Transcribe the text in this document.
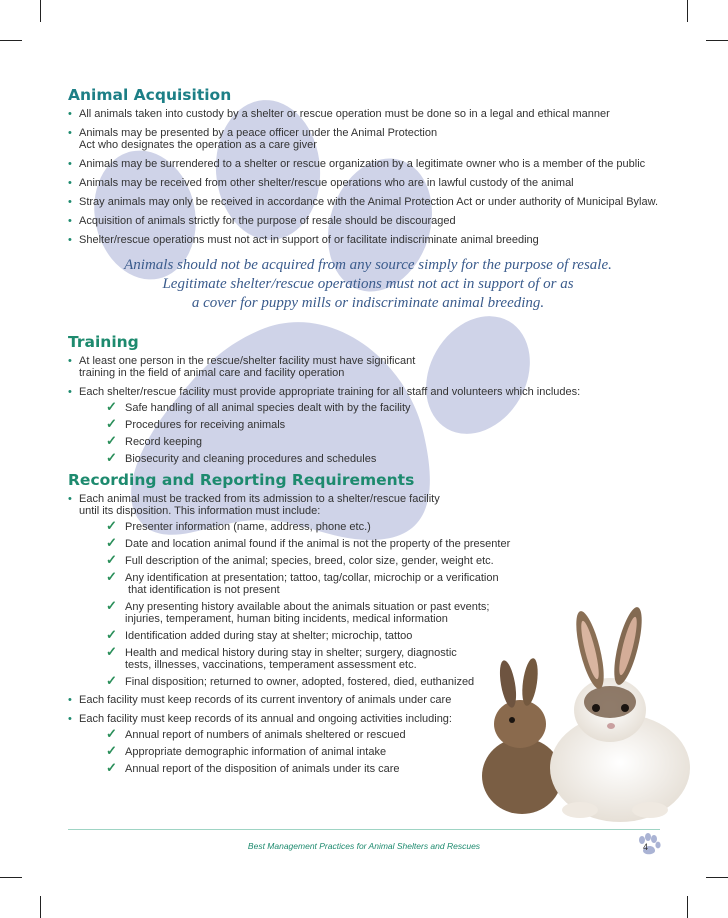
Animal Acquisition
• All animals taken into custody by a shelter or rescue operation must be done so in a legal and ethical manner
• Animals may be presented by a peace officer under the Animal Protection
Act who designates the operation as a care giver
• Animals may be surrendered to a shelter or rescue organization by a legitimate owner who is a member of the public
• Animals may be received from other shelter/rescue operations who are in lawful custody of the animal
• Stray animals may only be received in accordance with the Animal Protection Act or under authority of Municipal Bylaw.
• Acquisition of animals strictly for the purpose of resale should be discouraged
• Shelter/rescue operations must not act in support of or facilitate indiscriminate animal breeding
Animals should not be acquired from any source simply for the purpose of resale.
Legitimate shelter/rescue operations must not act in support of or as
a cover for puppy mills or indiscriminate animal breeding.
Training
• At least one person in the rescue/shelter facility must have significant
training in the field of animal care and facility operation
• Each shelter/rescue facility must provide appropriate training for all staff and volunteers which includes:
✓ Safe handling of all animal species dealt with by the facility
✓ Procedures for receiving animals
✓ Record keeping
✓ Biosecurity and cleaning procedures and schedules
Recording and Reporting Requirements
• Each animal must be tracked from its admission to a shelter/rescue facility
until its disposition. This information must include:
✓ Presenter information (name, address, phone etc.)
✓ Date and location animal found if the animal is not the property of the presenter
✓ Full description of the animal; species, breed, color size, gender, weight etc.
✓ Any identification at presentation; tattoo, tag/collar, microchip or a verification
that identification is not present
✓ Any presenting history available about the animals situation or past events;
injuries, temperament, human biting incidents, medical information
✓ Identification added during stay at shelter; microchip, tattoo
✓ Health and medical history during stay in shelter; surgery, diagnostic
tests, illnesses, vaccinations, temperament assessment etc.
✓ Final disposition; returned to owner, adopted, fostered, died, euthanized
• Each facility must keep records of its current inventory of animals under care
• Each facility must keep records of its annual and ongoing activities including:
✓ Annual report of numbers of animals sheltered or rescued
✓ Appropriate demographic information of animal intake
✓ Annual report of the disposition of animals under its care
Best Management Practices for Animal Shelters and Rescues	4
